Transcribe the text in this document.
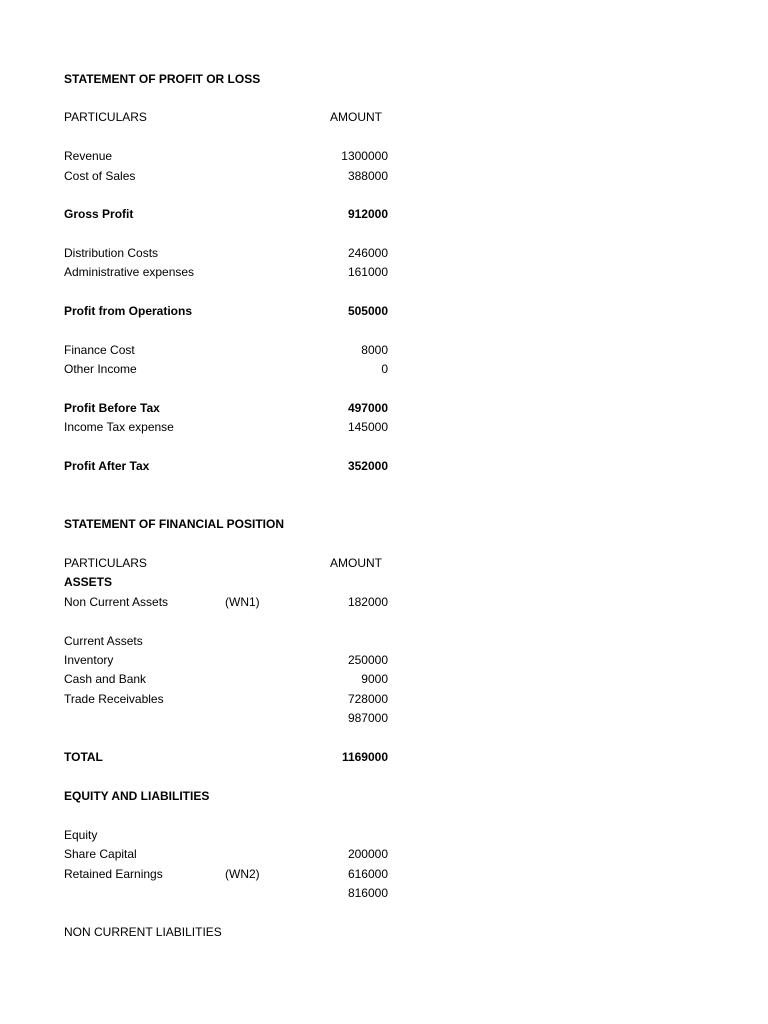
STATEMENT OF PROFIT OR LOSS
PARTICULARS	AMOUNT
Revenue	1300000
Cost of Sales	388000
Gross Profit	912000
Distribution Costs	246000
Administrative expenses	161000
Profit from Operations	505000
Finance Cost	8000
Other Income	0
Profit Before Tax	497000
Income Tax expense	145000
Profit After Tax	352000
STATEMENT OF FINANCIAL POSITION
PARTICULARS	AMOUNT
ASSETS
Non Current Assets	(WN1)	182000
Current Assets
Inventory	250000
Cash and Bank	9000
Trade Receivables	728000
987000
TOTAL	1169000
EQUITY AND LIABILITIES
Equity
Share Capital	200000
Retained Earnings	(WN2)	616000
816000
NON CURRENT LIABILITIES
